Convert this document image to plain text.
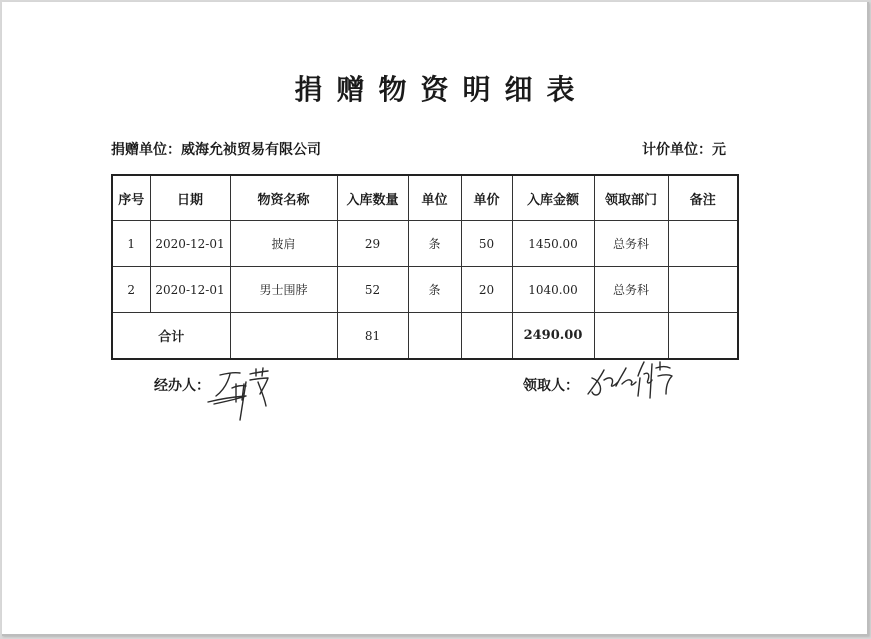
捐赠物资明细表
捐赠单位：威海允祯贸易有限公司	计价单位：元
序号	日期	物资名称	入库数量	单位	单价	入库金额	领取部门	备注
1	2020-12-01	披肩	29	条	50	1450.00	总务科	
2	2020-12-01	男士围脖	52	条	20	1040.00	总务科	
合计			81			2490.00		
经办人：	领取人：
